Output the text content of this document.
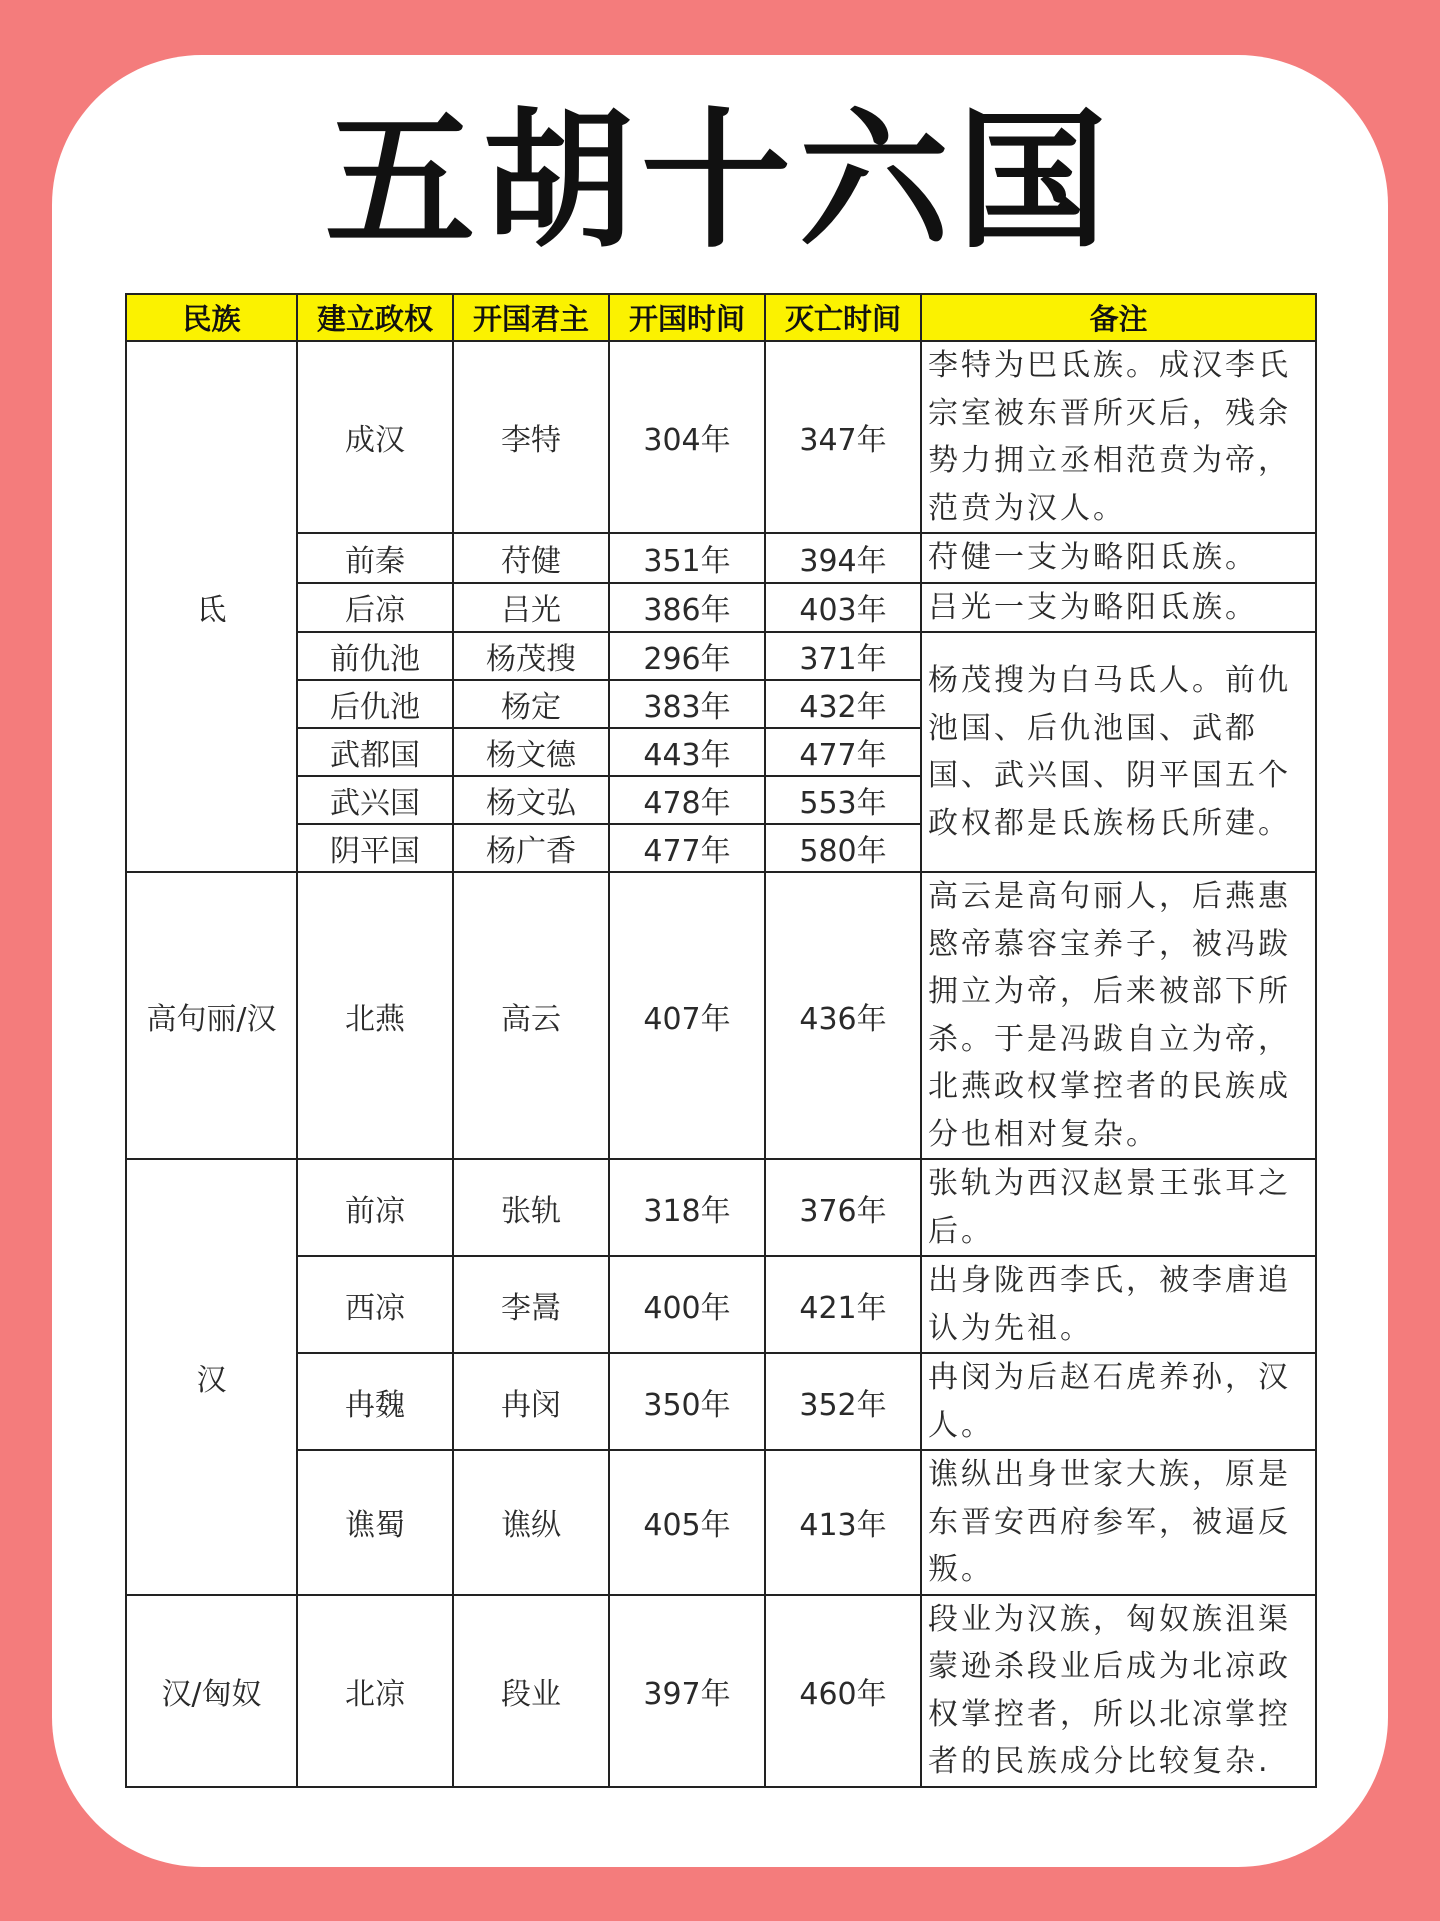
五胡十六国
民族	建立政权	开国君主	开国时间	灭亡时间	备注
氐	成汉	李特	304年	347年	李特为巴氐族。成汉李氏宗室被东晋所灭后，残余势力拥立丞相范贲为帝，范贲为汉人。
	前秦	苻健	351年	394年	苻健一支为略阳氐族。
	后凉	吕光	386年	403年	吕光一支为略阳氐族。
	前仇池	杨茂搜	296年	371年	杨茂搜为白马氐人。前仇池国、后仇池国、武都国、武兴国、阴平国五个政权都是氐族杨氏所建。
	后仇池	杨定	383年	432年	
	武都国	杨文德	443年	477年	
	武兴国	杨文弘	478年	553年	
	阴平国	杨广香	477年	580年	
高句丽/汉	北燕	高云	407年	436年	高云是高句丽人，后燕惠愍帝慕容宝养子，被冯跋拥立为帝，后来被部下所杀。于是冯跋自立为帝，北燕政权掌控者的民族成分也相对复杂。
汉	前凉	张轨	318年	376年	张轨为西汉赵景王张耳之后。
	西凉	李暠	400年	421年	出身陇西李氏，被李唐追认为先祖。
	冉魏	冉闵	350年	352年	冉闵为后赵石虎养孙，汉人。
	谯蜀	谯纵	405年	413年	谯纵出身世家大族，原是东晋安西府参军，被逼反叛。
汉/匈奴	北凉	段业	397年	460年	段业为汉族，匈奴族沮渠蒙逊杀段业后成为北凉政权掌控者，所以北凉掌控者的民族成分比较复杂.
